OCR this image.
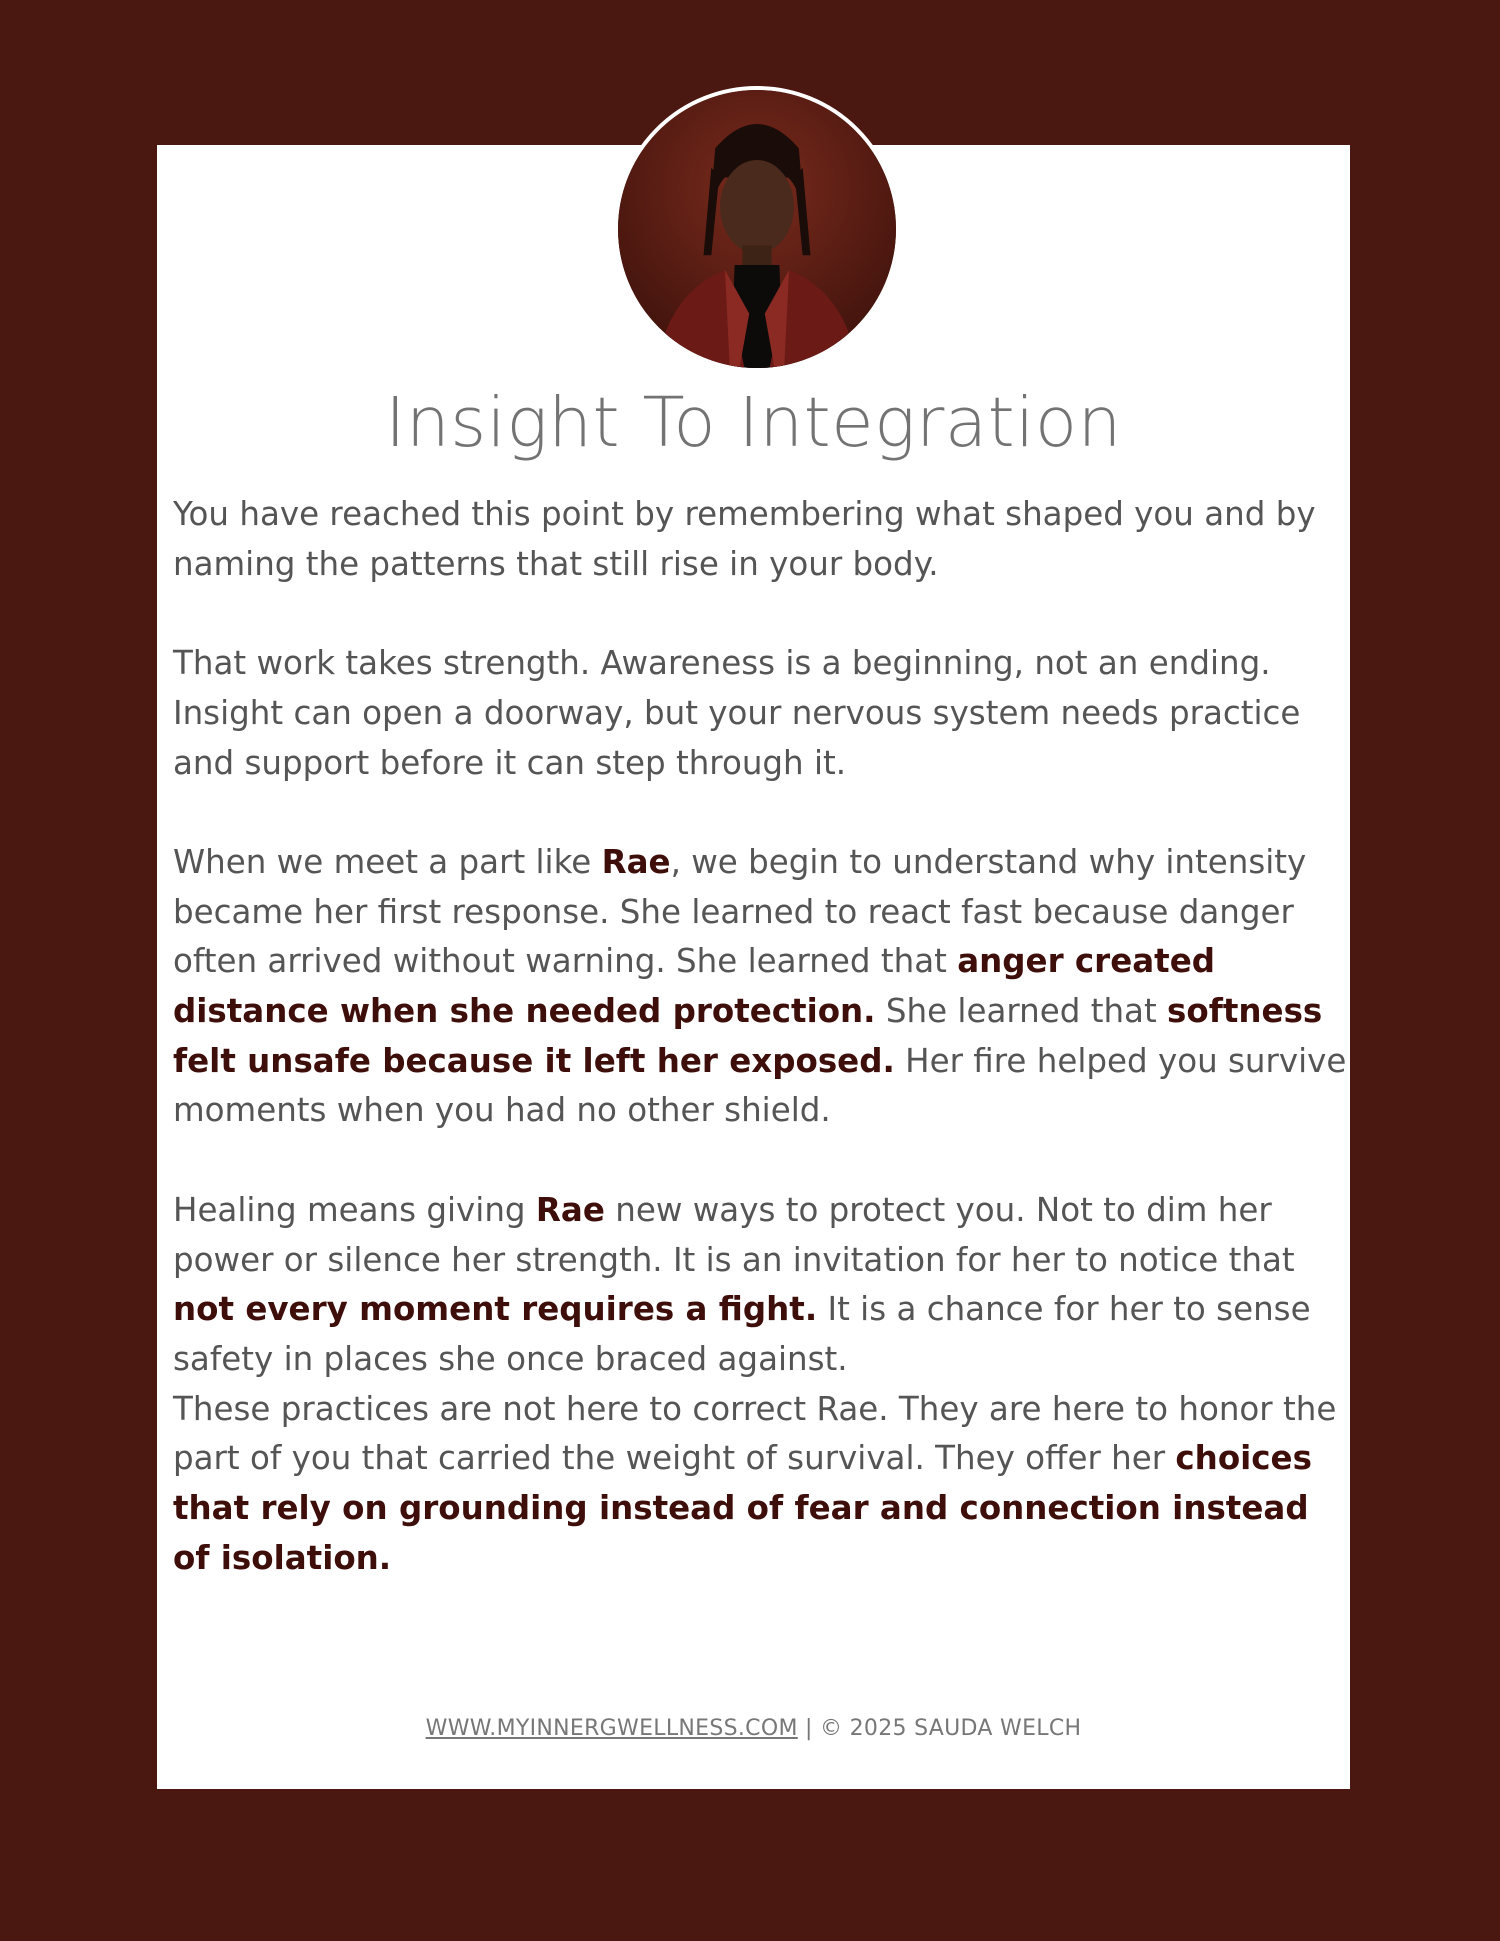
Insight To Integration

You have reached this point by remembering what shaped you and by naming the patterns that still rise in your body.

That work takes strength. Awareness is a beginning, not an ending. Insight can open a doorway, but your nervous system needs practice and support before it can step through it.

When we meet a part like Rae, we begin to understand why intensity became her first response. She learned to react fast because danger often arrived without warning. She learned that anger created distance when she needed protection. She learned that softness felt unsafe because it left her exposed. Her fire helped you survive moments when you had no other shield.

Healing means giving Rae new ways to protect you. Not to dim her power or silence her strength. It is an invitation for her to notice that not every moment requires a fight. It is a chance for her to sense safety in places she once braced against.

These practices are not here to correct Rae. They are here to honor the part of you that carried the weight of survival. They offer her choices that rely on grounding instead of fear and connection instead of isolation.

WWW.MYINNERGWELLNESS.COM | © 2025 SAUDA WELCH
